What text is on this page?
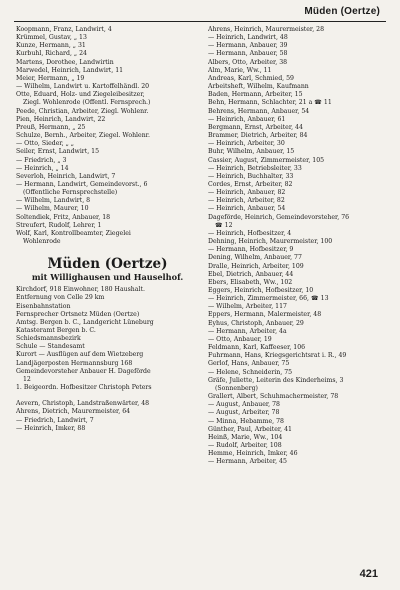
Müden (Oertze)
Koopmann, Franz, Landwirt, 4
Krümmel, Gustav, „ 13
Kunze, Hermann, „ 31
Kurbuhl, Richard, „ 24
Martens, Dorothee, Landwirtin
Marwedel, Heinrich, Landwirt, 11
Meier, Hermann, „ 19
— Wilhelm, Landwirt u. Kartoffelhändl. 20
Otte, Eduard, Holz- und Ziegeleibesitzer,
Ziegl. Wohlenrode (Öffentl. Fernsprech.)
Peede, Christian, Arbeiter, Ziegl. Wohlenr.
Pien, Heinrich, Landwirt, 22
Preuß, Hermann, „ 25
Schulze, Bernh., Arbeiter, Ziegel. Wohlenr.
— Otto, Sieder, „ „
Seiler, Ernst, Landwirt, 15
— Friedrich, „ 3
— Heinrich, „ 14
Severloh, Heinrich, Landwirt, 7
— Hermann, Landwirt, Gemeindevorst., 6
(Öffentliche Fernsprechstelle)
— Wilhelm, Landwirt, 8
— Wilhelm, Maurer, 10
Soltendiek, Fritz, Anbauer, 18
Streufert, Rudolf, Lehrer, 1
Wolf, Karl, Kontrollbeamter, Ziegelei
Wohlenrode
Müden (Oertze)
mit Willighausen und Hauselhof.
Kirchdorf, 918 Einwohner, 180 Haushalt.
Entfernung von Celle 29 km
Eisenbahnstation
Fernsprecher Ortsnetz Müden (Oertze)
Amtsg. Bergen b. C., Landgericht Lüneburg
Katasteramt Bergen b. C.
Schiedsmannsbezirk
Schule — Standesamt
Kurort — Ausflügen auf dem Wietzeberg
Landjägerposten Hermannsburg 168
Gemeindevorsteher Anbauer H. Dageförde
12
1. Beigeordn. Hofbesitzer Christoph Peters
Aevern, Christoph, Landstraßenwärter, 48
Ahrens, Dietrich, Maurermeister, 64
— Friedrich, Landwirt, 7
— Heinrich, Imker, 88
Ahrens, Heinrich, Maurermeister, 28
— Heinrich, Landwirt, 48
— Hermann, Anbauer, 39
— Hermann, Anbauer, 58
Albers, Otto, Arbeiter, 38
Alm, Marie, Ww., 11
Andreas, Karl, Schmied, 59
Arbeitsheft, Wilhelm, Kaufmann
Baden, Hermann, Arbeiter, 15
Behn, Hermann, Schlachter, 21 a ☎ 11
Behrens, Hermann, Anbauer, 54
— Heinrich, Anbauer, 61
Bergmann, Ernst, Arbeiter, 44
Brammer, Dietrich, Arbeiter, 84
— Heinrich, Arbeiter, 30
Buhr, Wilhelm, Anbauer, 15
Cassier, August, Zimmermeister, 105
— Heinrich, Betriebsleiter, 33
— Heinrich, Buchhalter, 33
Cordes, Ernst, Arbeiter, 82
— Heinrich, Anbauer, 82
— Heinrich, Arbeiter, 82
— Heinrich, Anbauer, 54
Dageförde, Heinrich, Gemeindevorsteher, 76
☎ 12
— Heinrich, Hofbesitzer, 4
Dehning, Heinrich, Maurermeister, 100
— Hermann, Hofbesitzer, 9
Dening, Wilhelm, Anbauer, 77
Dralle, Heinrich, Arbeiter, 109
Ebel, Dietrich, Anbauer, 44
Ebers, Elisabeth, Ww., 102
Eggers, Heinrich, Hofbesitzer, 10
— Heinrich, Zimmermeister, 66, ☎ 13
— Wilhelm, Arbeiter, 117
Eppers, Hermann, Malermeister, 48
Eyhus, Christoph, Anbauer, 29
— Hermann, Arbeiter, 4a
— Otto, Anbauer, 19
Feldmann, Karl, Kaffeeser, 106
Fuhrmann, Hans, Kriegsgerichtsrat i. R., 49
Gerlof, Hans, Anbauer, 75
— Helene, Schneiderin, 75
Gräfe, Juliette, Leiterin des Kinderheims, 3
(Sonnenberg)
Grallert, Albert, Schuhmachermeister, 78
— August, Anbauer, 78
— August, Arbeiter, 78
— Minna, Hebamme, 78
Günther, Paul, Arbeiter, 41
Heinß, Marie, Ww., 104
— Rudolf, Arbeiter, 108
Hemme, Heinrich, Imker, 46
— Hermann, Arbeiter, 45
421
